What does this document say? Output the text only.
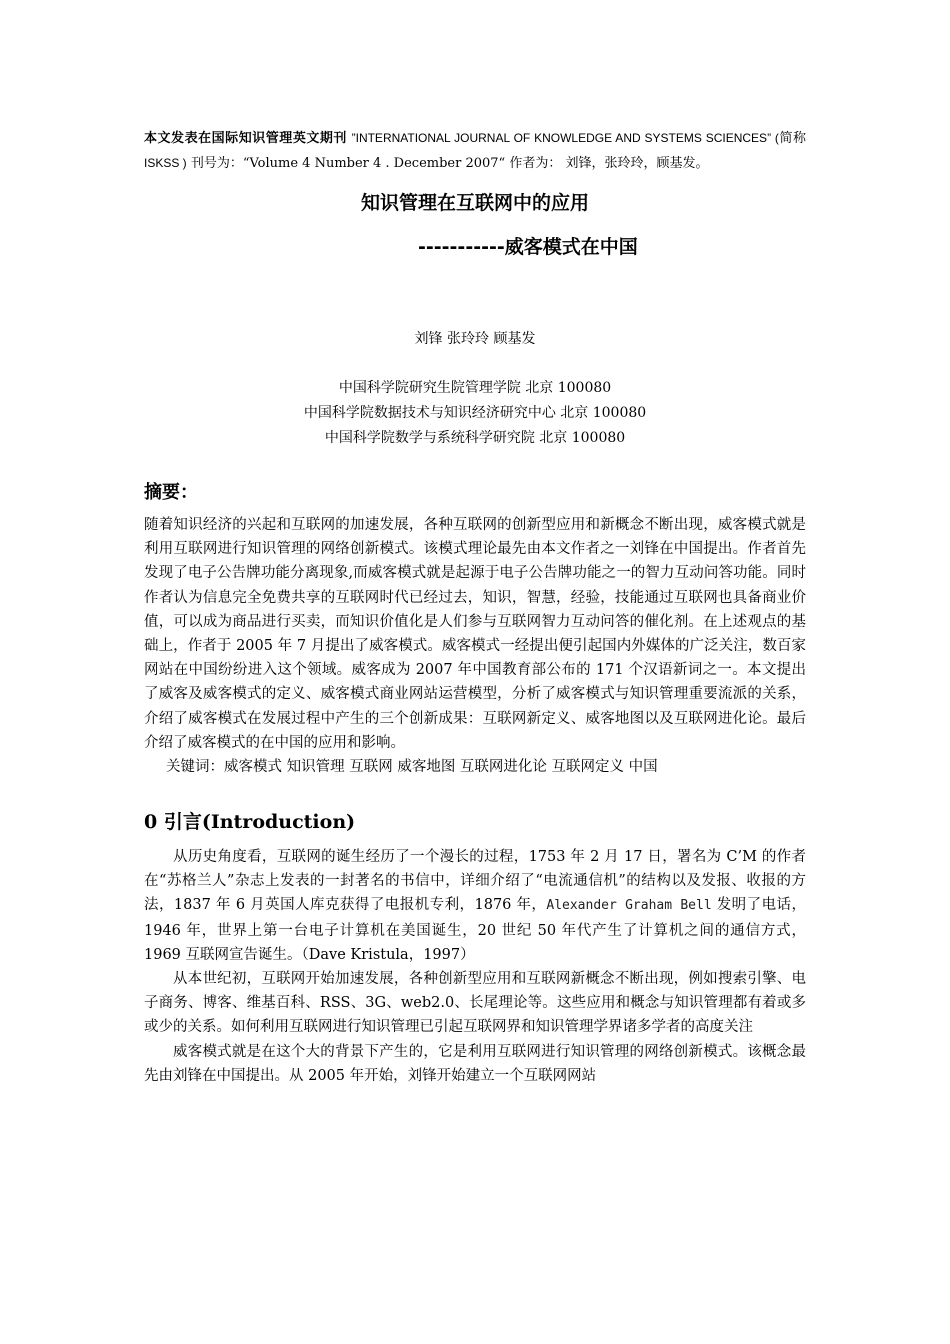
本文发表在国际知识管理英文期刊 ”INTERNATIONAL JOURNAL OF KNOWLEDGE AND SYSTEMS SCIENCES” (简称ISKSS ) 刊号为：“Volume 4 Number 4 . December 2007“ 作者为： 刘锋，张玲玲，顾基发。
知识管理在互联网中的应用
-----------威客模式在中国
刘锋 张玲玲 顾基发
中国科学院研究生院管理学院 北京 100080
中国科学院数据技术与知识经济研究中心 北京 100080
中国科学院数学与系统科学研究院 北京 100080
摘要：
随着知识经济的兴起和互联网的加速发展，各种互联网的创新型应用和新概念不断出现，威客模式就是利用互联网进行知识管理的网络创新模式。该模式理论最先由本文作者之一刘锋在中国提出。作者首先发现了电子公告牌功能分离现象,而威客模式就是起源于电子公告牌功能之一的智力互动问答功能。同时作者认为信息完全免费共享的互联网时代已经过去，知识，智慧，经验，技能通过互联网也具备商业价值，可以成为商品进行买卖，而知识价值化是人们参与互联网智力互动问答的催化剂。在上述观点的基础上，作者于 2005 年 7 月提出了威客模式。威客模式一经提出便引起国内外媒体的广泛关注，数百家网站在中国纷纷进入这个领域。威客成为 2007 年中国教育部公布的 171 个汉语新词之一。本文提出了威客及威客模式的定义、威客模式商业网站运营模型，分析了威客模式与知识管理重要流派的关系，介绍了威客模式在发展过程中产生的三个创新成果：互联网新定义、威客地图以及互联网进化论。最后介绍了威客模式的在中国的应用和影响。
关键词：威客模式 知识管理 互联网 威客地图 互联网进化论 互联网定义 中国
0 引言(Introduction)
从历史角度看，互联网的诞生经历了一个漫长的过程，1753 年 2 月 17 日，署名为 C’M 的作者在“苏格兰人”杂志上发表的一封著名的书信中，详细介绍了“电流通信机”的结构以及发报、收报的方法，1837 年 6 月英国人库克获得了电报机专利，1876 年，Alexander Graham Bell 发明了电话，1946 年，世界上第一台电子计算机在美国诞生，20 世纪 50 年代产生了计算机之间的通信方式，1969 互联网宣告诞生。（Dave Kristula，1997）
从本世纪初，互联网开始加速发展，各种创新型应用和互联网新概念不断出现，例如搜索引擎、电子商务、博客、维基百科、RSS、3G、web2.0、长尾理论等。这些应用和概念与知识管理都有着或多或少的关系。如何利用互联网进行知识管理已引起互联网界和知识管理学界诸多学者的高度关注
威客模式就是在这个大的背景下产生的，它是利用互联网进行知识管理的网络创新模式。该概念最先由刘锋在中国提出。从 2005 年开始，刘锋开始建立一个互联网网站
